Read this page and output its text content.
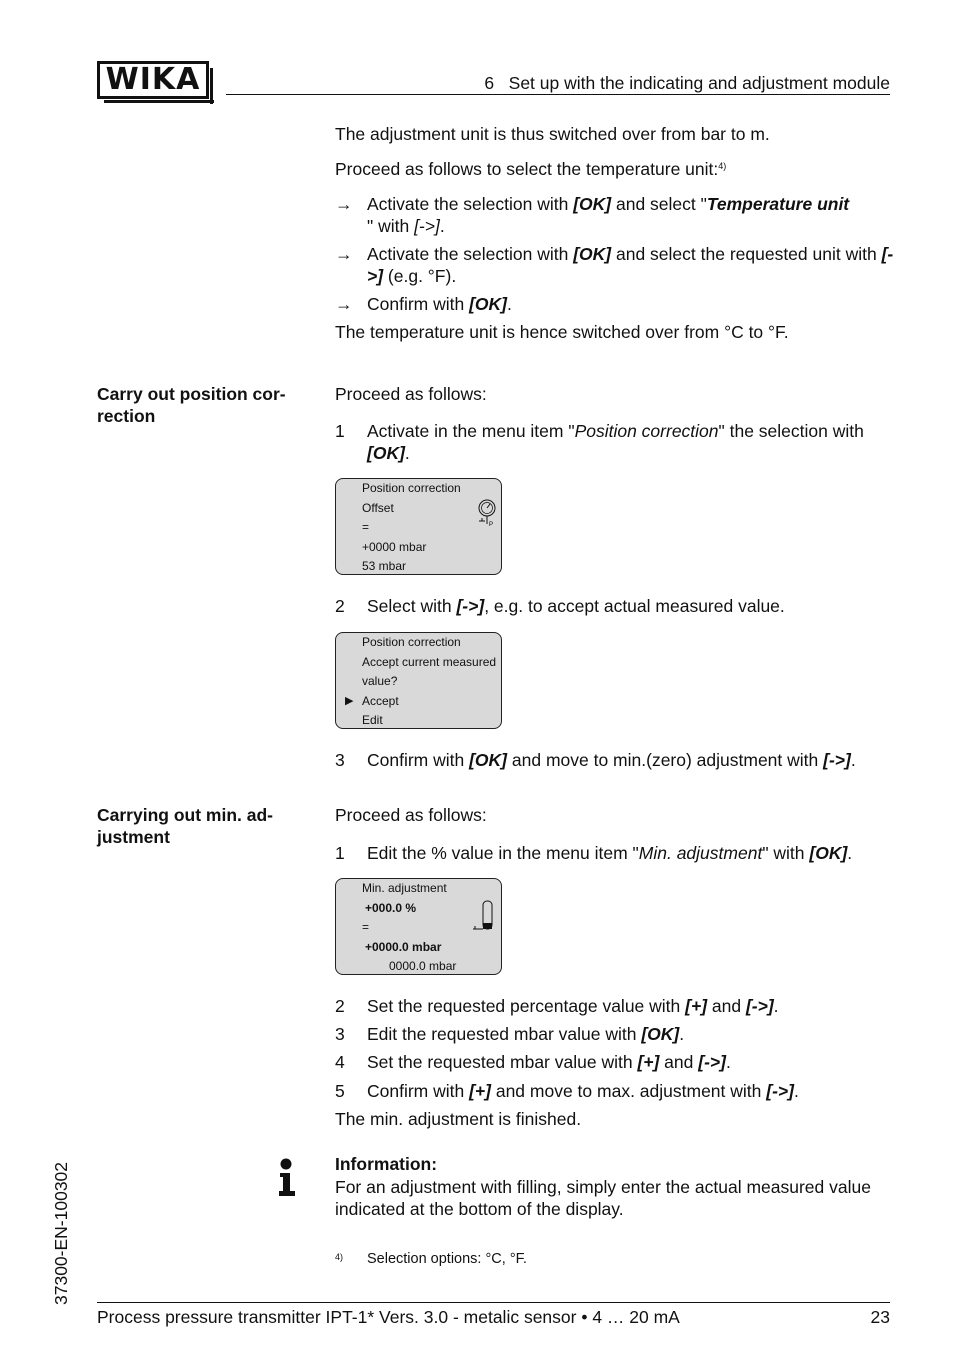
WIKA	6   Set up with the indicating and adjustment module
The adjustment unit is thus switched over from bar to m.
Proceed as follows to select the temperature unit:$^{4)}$
→ Activate the selection with [OK] and select "Temperature unit
" with [->].
→ Activate the selection with [OK] and select the requested unit with [->] (e.g. °F).
→ Confirm with [OK].
The temperature unit is hence switched over from °C to °F.
Carry out position cor-
rection
Proceed as follows:
1 Activate in the menu item "Position correction" the selection with
[OK].
Position correction
Offset
=
+0000 mbar
53 mbar
P
2 Select with [->], e.g. to accept actual measured value.
Position correction
Accept current measured
value?
▶ Accept
Edit
3 Confirm with [OK] and move to min.(zero) adjustment with [->].
Carrying out min. ad-
justment
Proceed as follows:
1 Edit the % value in the menu item "Min. adjustment" with [OK].
Min. adjustment
+000.0 %
=
+0000.0 mbar
0000.0 mbar
2 Set the requested percentage value with [+] and [->].
3 Edit the requested mbar value with [OK].
4 Set the requested mbar value with [+] and [->].
5 Confirm with [+] and move to max. adjustment with [->].
The min. adjustment is finished.
Information:
For an adjustment with filling, simply enter the actual measured value indicated at the bottom of the display.
4) Selection options: °C, °F.
37300-EN-100302
Process pressure transmitter IPT-1* Vers. 3.0 - metalic sensor • 4 … 20 mA	23
